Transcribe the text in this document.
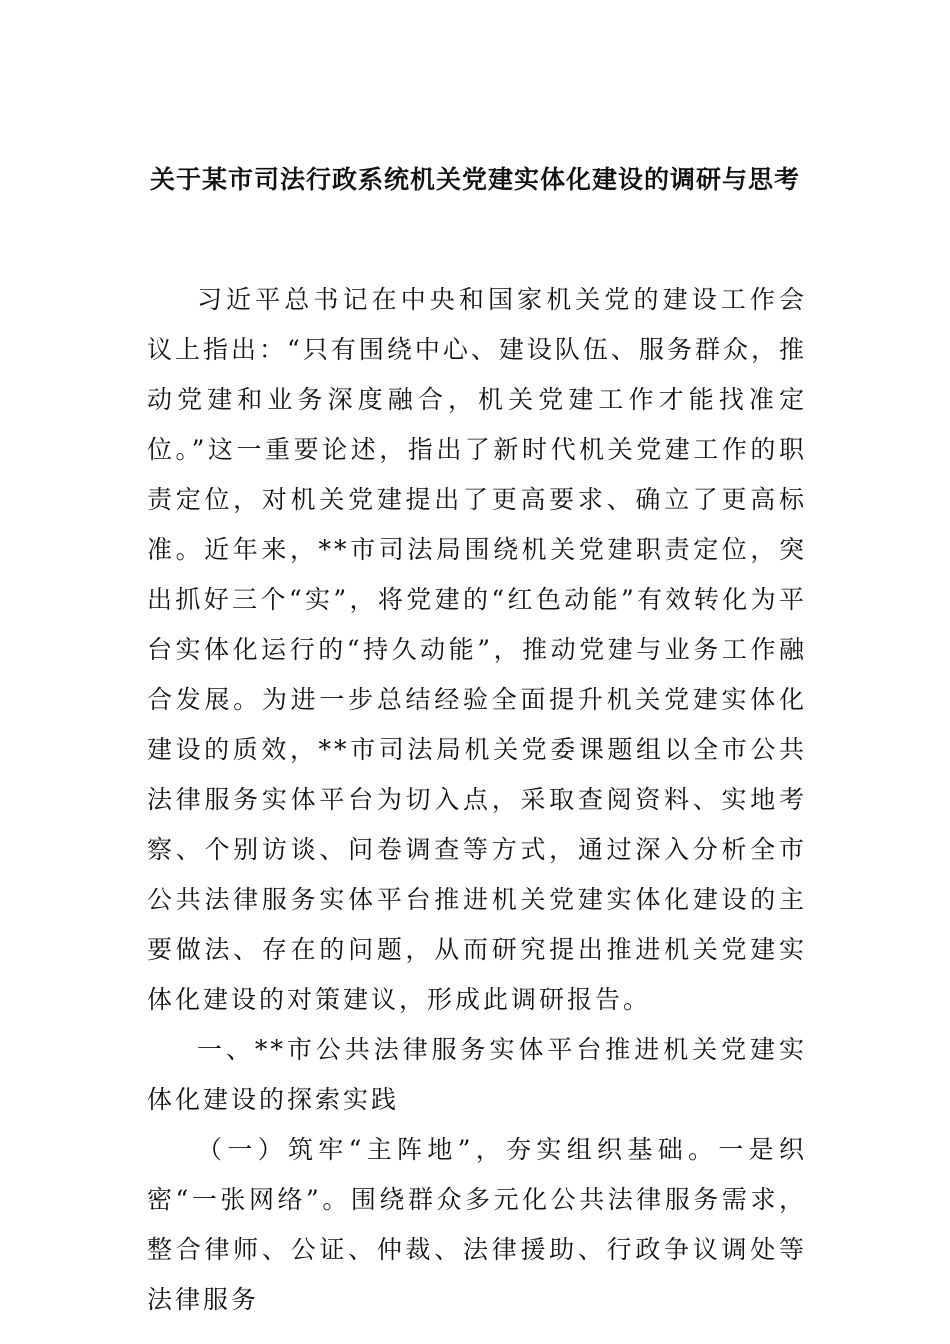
关于某市司法行政系统机关党建实体化建设的调研与思考

习近平总书记在中央和国家机关党的建设工作会议上指出：“只有围绕中心、建设队伍、服务群众，推动党建和业务深度融合，机关党建工作才能找准定位。”这一重要论述，指出了新时代机关党建工作的职责定位，对机关党建提出了更高要求、确立了更高标准。近年来，**市司法局围绕机关党建职责定位，突出抓好三个“实”，将党建的“红色动能”有效转化为平台实体化运行的“持久动能”，推动党建与业务工作融合发展。为进一步总结经验全面提升机关党建实体化建设的质效，**市司法局机关党委课题组以全市公共法律服务实体平台为切入点，采取查阅资料、实地考察、个别访谈、问卷调查等方式，通过深入分析全市公共法律服务实体平台推进机关党建实体化建设的主要做法、存在的问题，从而研究提出推进机关党建实体化建设的对策建议，形成此调研报告。

一、**市公共法律服务实体平台推进机关党建实体化建设的探索实践

（一）筑牢“主阵地”，夯实组织基础。一是织密“一张网络”。围绕群众多元化公共法律服务需求，整合律师、公证、仲裁、法律援助、行政争议调处等法律服务
